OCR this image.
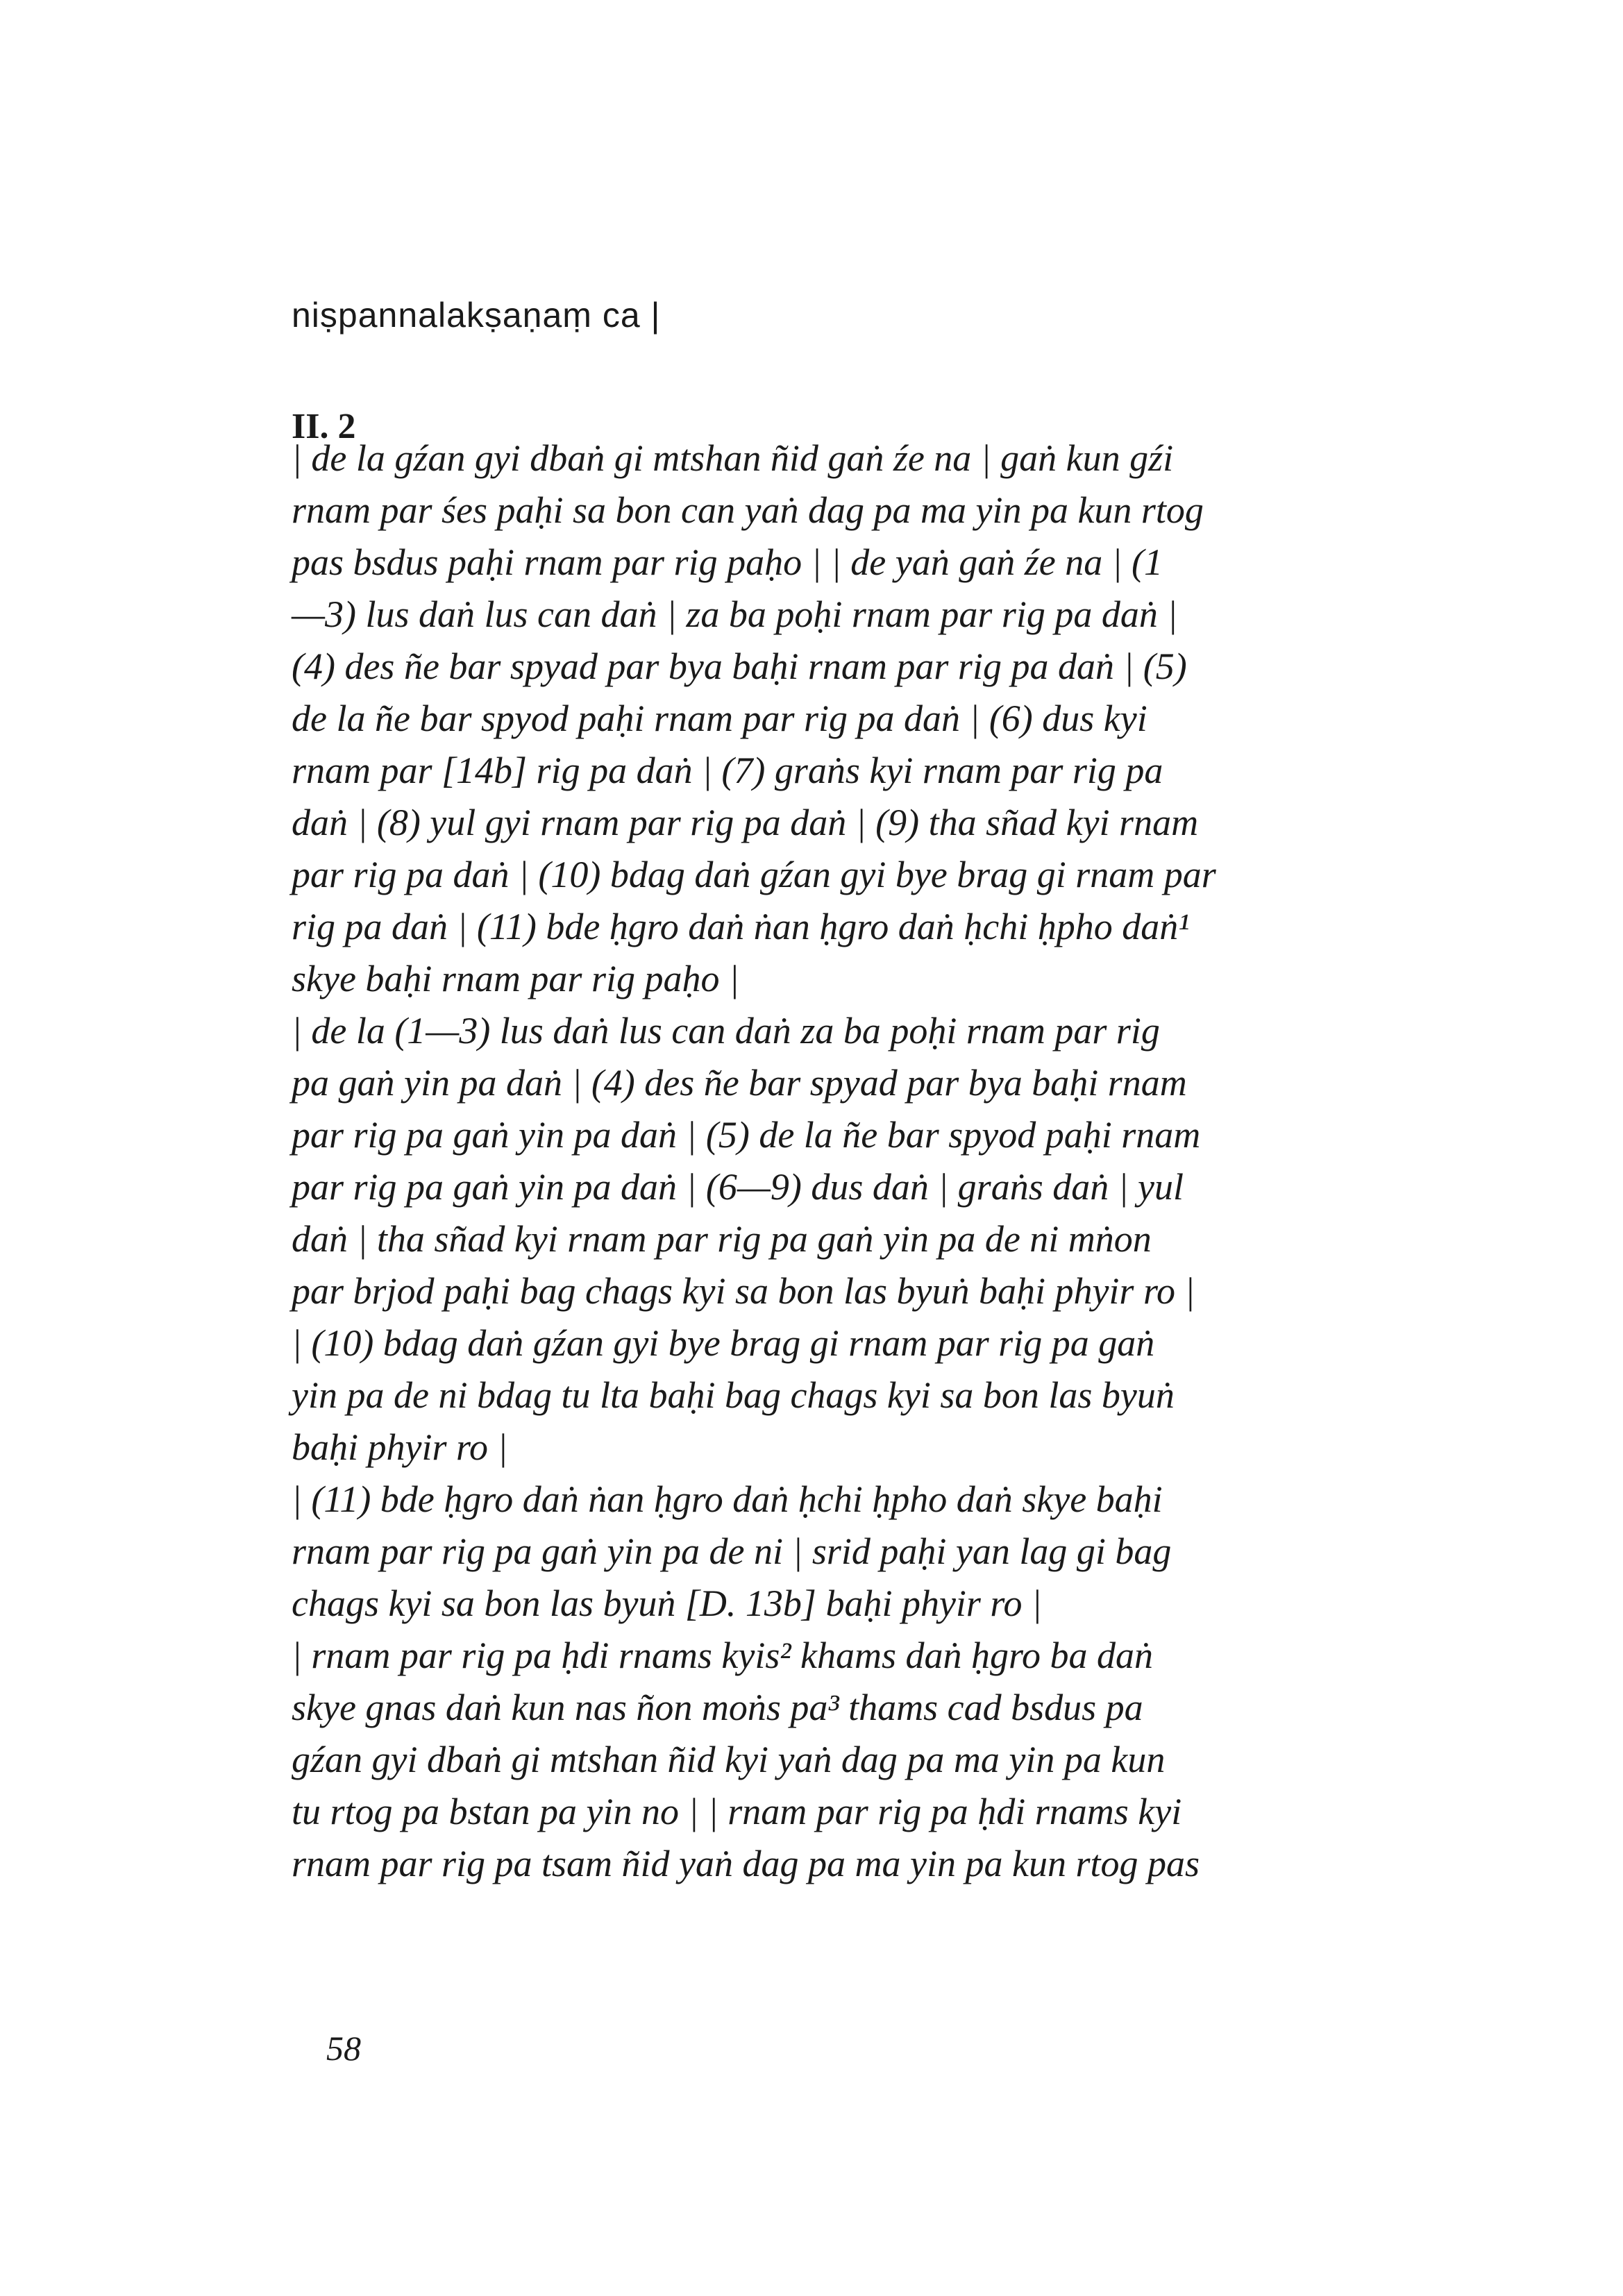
niṣpannalakṣaṇaṃ ca |
II. 2
| de la gźan gyi dbaṅ gi mtshan ñid gaṅ źe na | gaṅ kun gźi
rnam par śes paḥi sa bon can yaṅ dag pa ma yin pa kun rtog
pas bsdus paḥi rnam par rig paḥo | | de yaṅ gaṅ źe na | (1
—3) lus daṅ lus can daṅ | za ba poḥi rnam par rig pa daṅ |
(4) des ñe bar spyad par bya baḥi rnam par rig pa daṅ | (5)
de la ñe bar spyod paḥi rnam par rig pa daṅ | (6) dus kyi
rnam par [14b] rig pa daṅ | (7) graṅs kyi rnam par rig pa
daṅ | (8) yul gyi rnam par rig pa daṅ | (9) tha sñad kyi rnam
par rig pa daṅ | (10) bdag daṅ gźan gyi bye brag gi rnam par
rig pa daṅ | (11) bde ḥgro daṅ ṅan ḥgro daṅ ḥchi ḥpho daṅ¹
skye baḥi rnam par rig paḥo |
| de la (1—3) lus daṅ lus can daṅ za ba poḥi rnam par rig
pa gaṅ yin pa daṅ | (4) des ñe bar spyad par bya baḥi rnam
par rig pa gaṅ yin pa daṅ | (5) de la ñe bar spyod paḥi rnam
par rig pa gaṅ yin pa daṅ | (6—9) dus daṅ | graṅs daṅ | yul
daṅ | tha sñad kyi rnam par rig pa gaṅ yin pa de ni mṅon
par brjod paḥi bag chags kyi sa bon las byuṅ baḥi phyir ro |
| (10) bdag daṅ gźan gyi bye brag gi rnam par rig pa gaṅ
yin pa de ni bdag tu lta baḥi bag chags kyi sa bon las byuṅ
baḥi phyir ro |
| (11) bde ḥgro daṅ ṅan ḥgro daṅ ḥchi ḥpho daṅ skye baḥi
rnam par rig pa gaṅ yin pa de ni | srid paḥi yan lag gi bag
chags kyi sa bon las byuṅ [D. 13b] baḥi phyir ro |
| rnam par rig pa ḥdi rnams kyis² khams daṅ ḥgro ba daṅ
skye gnas daṅ kun nas ñon moṅs pa³ thams cad bsdus pa
gźan gyi dbaṅ gi mtshan ñid kyi yaṅ dag pa ma yin pa kun
tu rtog pa bstan pa yin no | | rnam par rig pa ḥdi rnams kyi
rnam par rig pa tsam ñid yaṅ dag pa ma yin pa kun rtog pas
58
